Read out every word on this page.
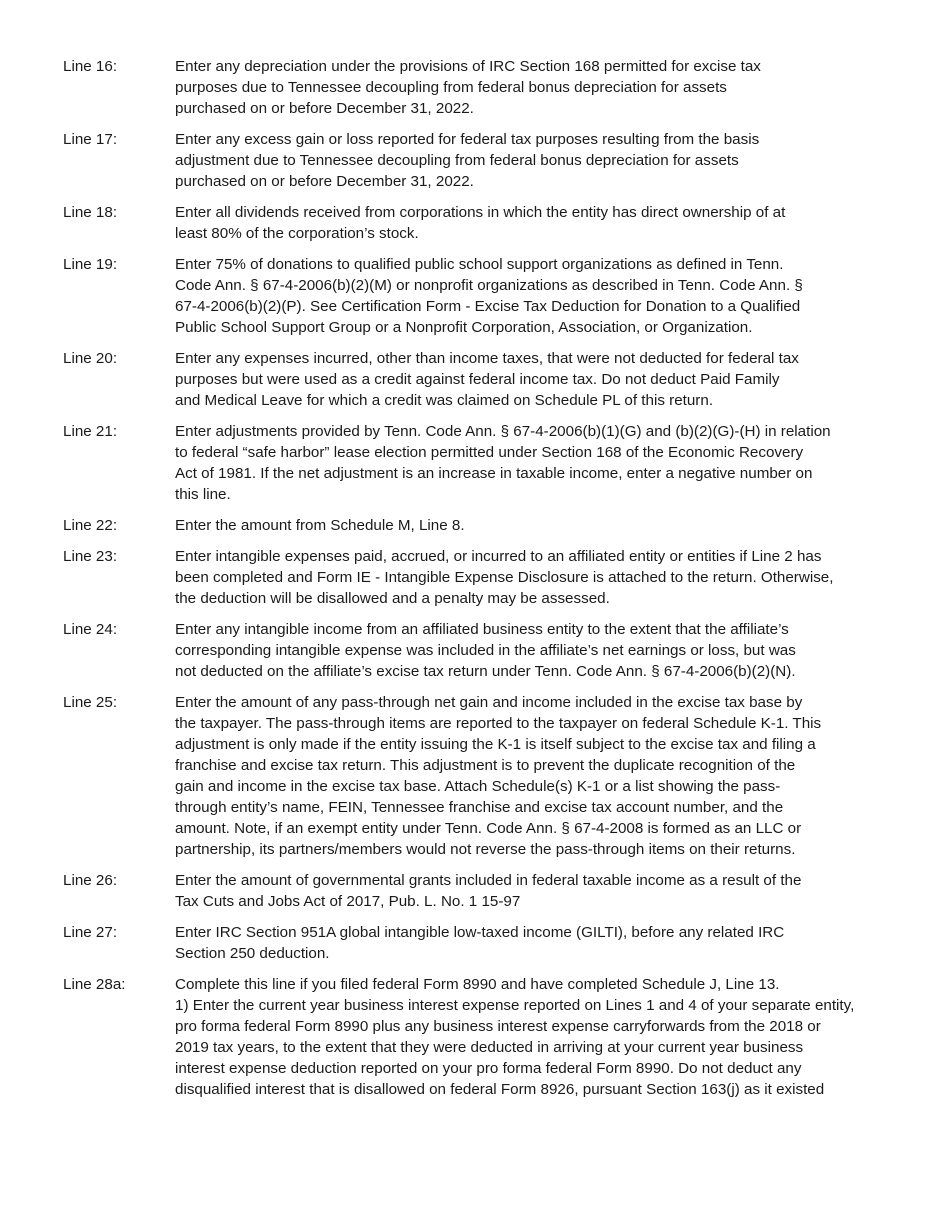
Line 16:	Enter any depreciation under the provisions of IRC Section 168 permitted for excise tax
purposes due to Tennessee decoupling from federal bonus depreciation for assets
purchased on or before December 31, 2022.
Line 17:	Enter any excess gain or loss reported for federal tax purposes resulting from the basis
adjustment due to Tennessee decoupling from federal bonus depreciation for assets
purchased on or before December 31, 2022.
Line 18:	Enter all dividends received from corporations in which the entity has direct ownership of at
least 80% of the corporation’s stock.
Line 19:	Enter 75% of donations to qualified public school support organizations as defined in Tenn.
Code Ann. § 67-4-2006(b)(2)(M) or nonprofit organizations as described in Tenn. Code Ann. §
67-4-2006(b)(2)(P). See Certification Form - Excise Tax Deduction for Donation to a Qualified
Public School Support Group or a Nonprofit Corporation, Association, or Organization.
Line 20:	Enter any expenses incurred, other than income taxes, that were not deducted for federal tax
purposes but were used as a credit against federal income tax. Do not deduct Paid Family
and Medical Leave for which a credit was claimed on Schedule PL of this return.
Line 21:	Enter adjustments provided by Tenn. Code Ann. § 67-4-2006(b)(1)(G) and (b)(2)(G)-(H) in relation
to federal “safe harbor” lease election permitted under Section 168 of the Economic Recovery
Act of 1981. If the net adjustment is an increase in taxable income, enter a negative number on
this line.
Line 22:	Enter the amount from Schedule M, Line 8.
Line 23:	Enter intangible expenses paid, accrued, or incurred to an affiliated entity or entities if Line 2 has
been completed and Form IE - Intangible Expense Disclosure is attached to the return. Otherwise,
the deduction will be disallowed and a penalty may be assessed.
Line 24:	Enter any intangible income from an affiliated business entity to the extent that the affiliate’s
corresponding intangible expense was included in the affiliate’s net earnings or loss, but was
not deducted on the affiliate’s excise tax return under Tenn. Code Ann. § 67-4-2006(b)(2)(N).
Line 25:	Enter the amount of any pass-through net gain and income included in the excise tax base by
the taxpayer. The pass-through items are reported to the taxpayer on federal Schedule K-1. This
adjustment is only made if the entity issuing the K-1 is itself subject to the excise tax and filing a
franchise and excise tax return. This adjustment is to prevent the duplicate recognition of the
gain and income in the excise tax base. Attach Schedule(s) K-1 or a list showing the pass-
through entity’s name, FEIN, Tennessee franchise and excise tax account number, and the
amount. Note, if an exempt entity under Tenn. Code Ann. § 67-4-2008 is formed as an LLC or
partnership, its partners/members would not reverse the pass-through items on their returns.
Line 26:	Enter the amount of governmental grants included in federal taxable income as a result of the
Tax Cuts and Jobs Act of 2017, Pub. L. No. 1 15-97
Line 27:	Enter IRC Section 951A global intangible low-taxed income (GILTI), before any related IRC
Section 250 deduction.
Line 28a:	Complete this line if you filed federal Form 8990 and have completed Schedule J, Line 13.
1) Enter the current year business interest expense reported on Lines 1 and 4 of your separate entity,
pro forma federal Form 8990 plus any business interest expense carryforwards from the 2018 or
2019 tax years, to the extent that they were deducted in arriving at your current year business
interest expense deduction reported on your pro forma federal Form 8990. Do not deduct any
disqualified interest that is disallowed on federal Form 8926, pursuant Section 163(j) as it existed
